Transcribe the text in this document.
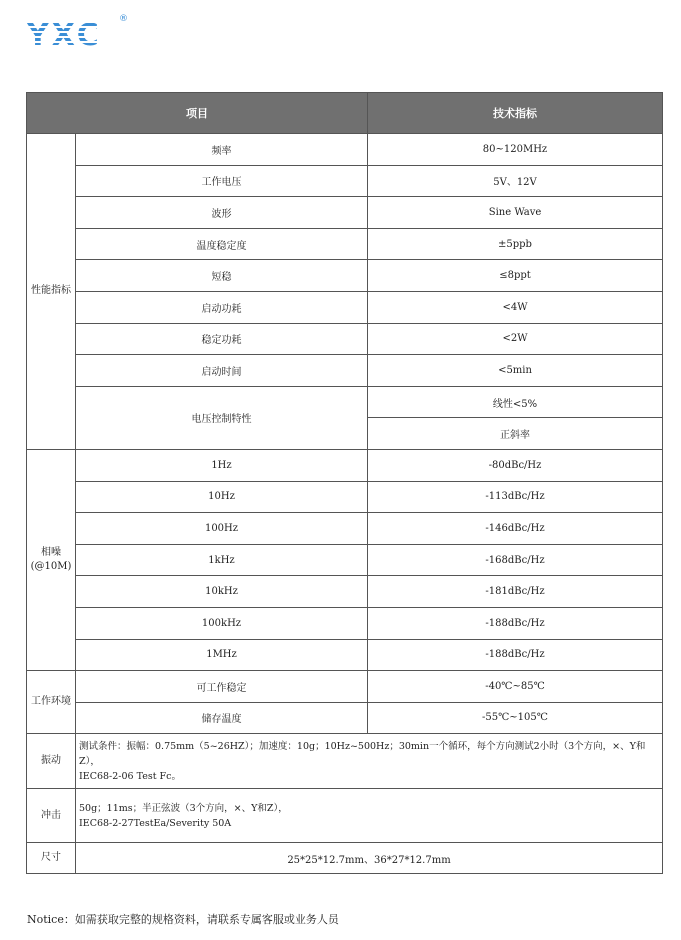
YXC ®
项目		技术指标
性能指标	频率	80~120MHz
	工作电压	5V、12V
	波形	Sine Wave
	温度稳定度	±5ppb
	短稳	≤8ppt
	启动功耗	<4W
	稳定功耗	<2W
	启动时间	<5min
	电压控制特性	线性<5%
		正斜率
相噪
(@10M)	1Hz	-80dBc/Hz
	10Hz	-113dBc/Hz
	100Hz	-146dBc/Hz
	1kHz	-168dBc/Hz
	10kHz	-181dBc/Hz
	100kHz	-188dBc/Hz
	1MHz	-188dBc/Hz
工作环境	可工作稳定	-40℃~85℃
	储存温度	-55℃~105℃
振动	测试条件：振幅：0.75mm（5~26HZ）；加速度：10g；10Hz~500Hz；30min一个循环，每个方向测试2小时（3个方向，×、Y和Z），
IEC68-2-06 Test Fc。	
冲击	50g；11ms；半正弦波（3个方向，×、Y和Z），
IEC68-2-27TestEa/Severity 50A	
尺寸	25*25*12.7mm、36*27*12.7mm	
Notice：如需获取完整的规格资料，请联系专属客服或业务人员
